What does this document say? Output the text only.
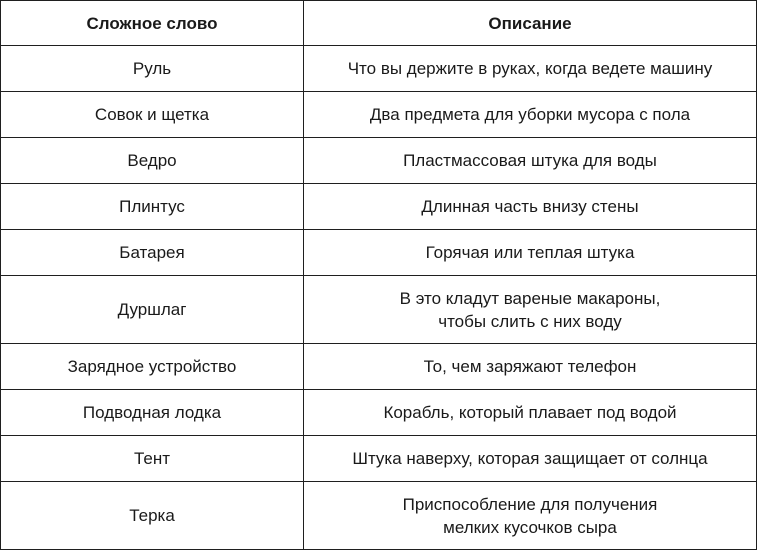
Сложное слово	Описание
Руль	Что вы держите в руках, когда ведете машину
Совок и щетка	Два предмета для уборки мусора с пола
Ведро	Пластмассовая штука для воды
Плинтус	Длинная часть внизу стены
Батарея	Горячая или теплая штука
Дуршлаг	В это кладут вареные макароны,
чтобы слить с них воду

Зарядное устройство	То, чем заряжают телефон
Подводная лодка	Корабль, который плавает под водой
Тент	Штука наверху, которая защищает от солнца
Терка	Приспособление для получения
мелких кусочков сыра
